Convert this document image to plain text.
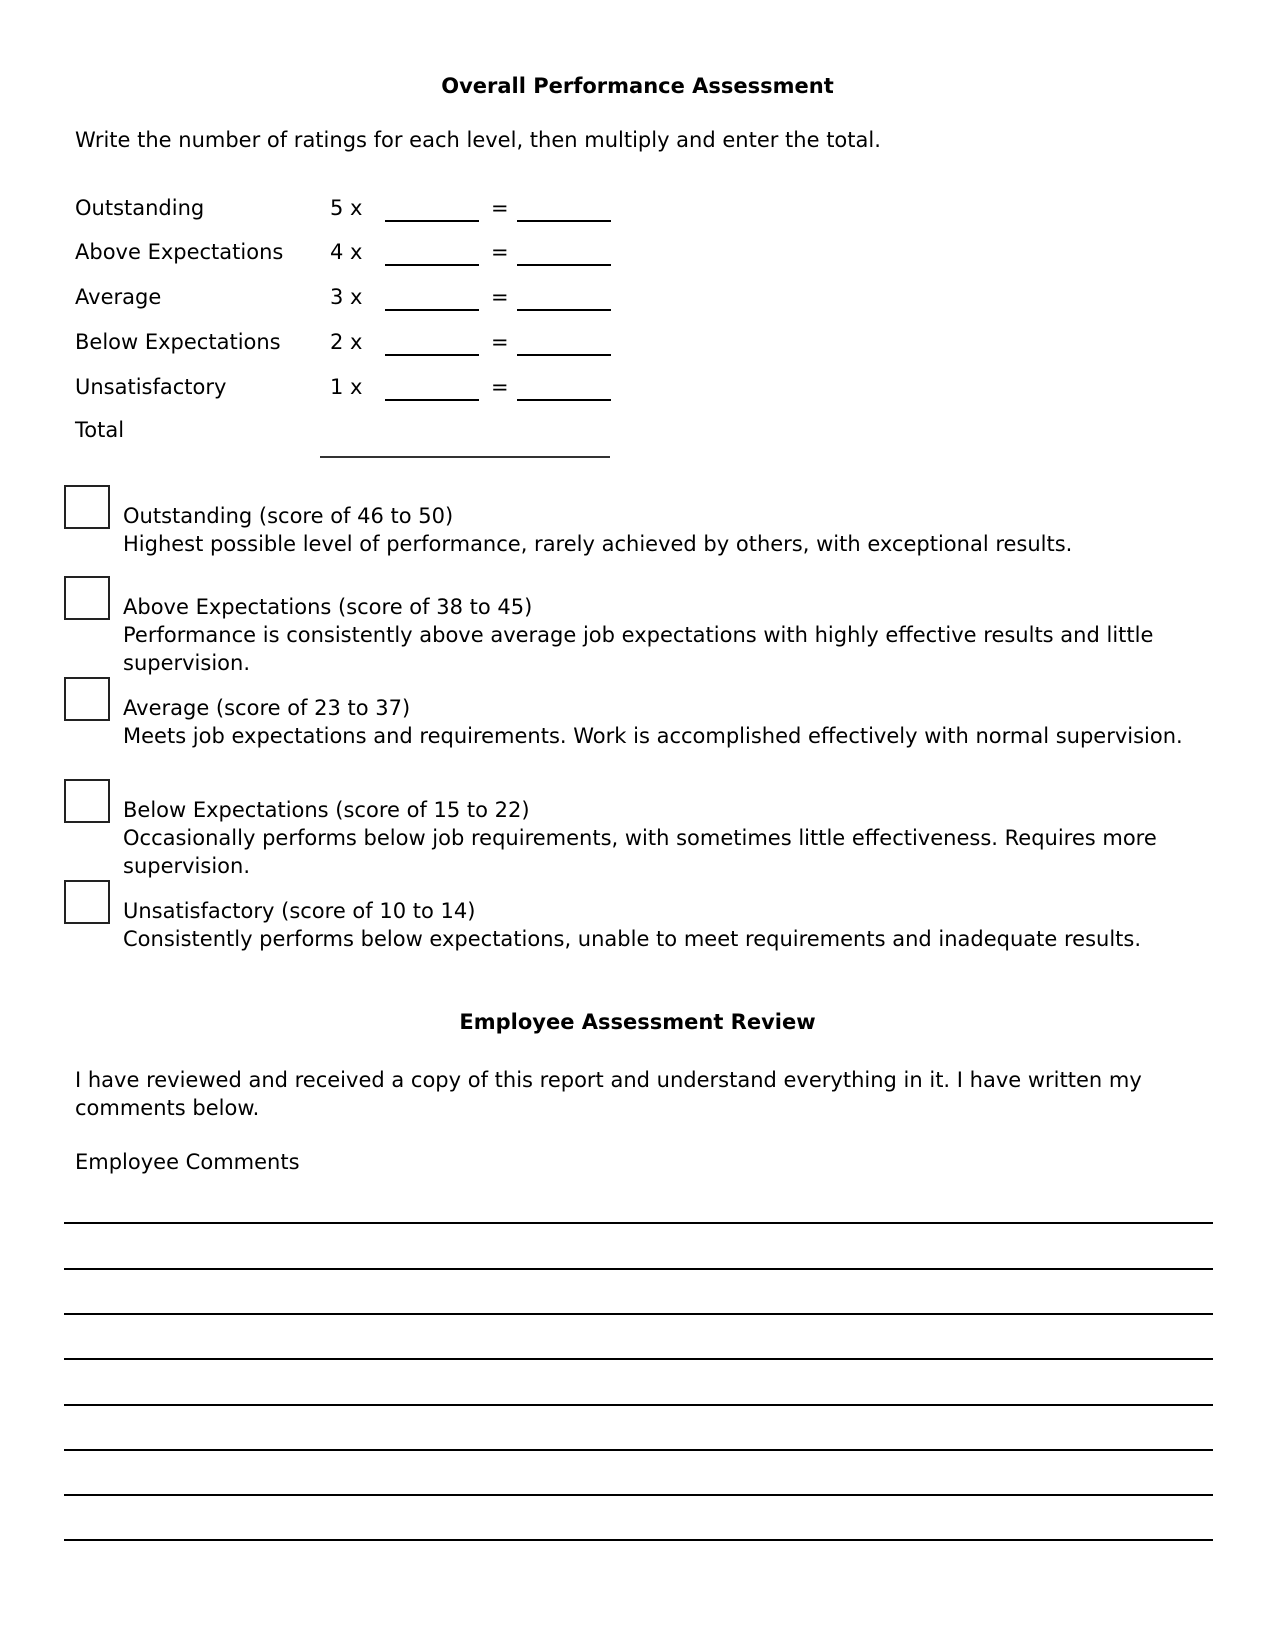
Overall Performance Assessment
Write the number of ratings for each level, then multiply and enter the total.
Outstanding	5 x	=
Above Expectations 4 x	=
Average	3 x	=
Below Expectations 2 x	=
Unsatisfactory	1 x	=
Total
Outstanding (score of 46 to 50)
Highest possible level of performance, rarely achieved by others, with exceptional results.
Above Expectations (score of 38 to 45)
Performance is consistently above average job expectations with highly effective results and little supervision.
Average (score of 23 to 37)
Meets job expectations and requirements. Work is accomplished effectively with normal supervision.
Below Expectations (score of 15 to 22)
Occasionally performs below job requirements, with sometimes little effectiveness. Requires more supervision.
Unsatisfactory (score of 10 to 14)
Consistently performs below expectations, unable to meet requirements and inadequate results.
Employee Assessment Review
I have reviewed and received a copy of this report and understand everything in it. I have written my comments below.
Employee Comments
